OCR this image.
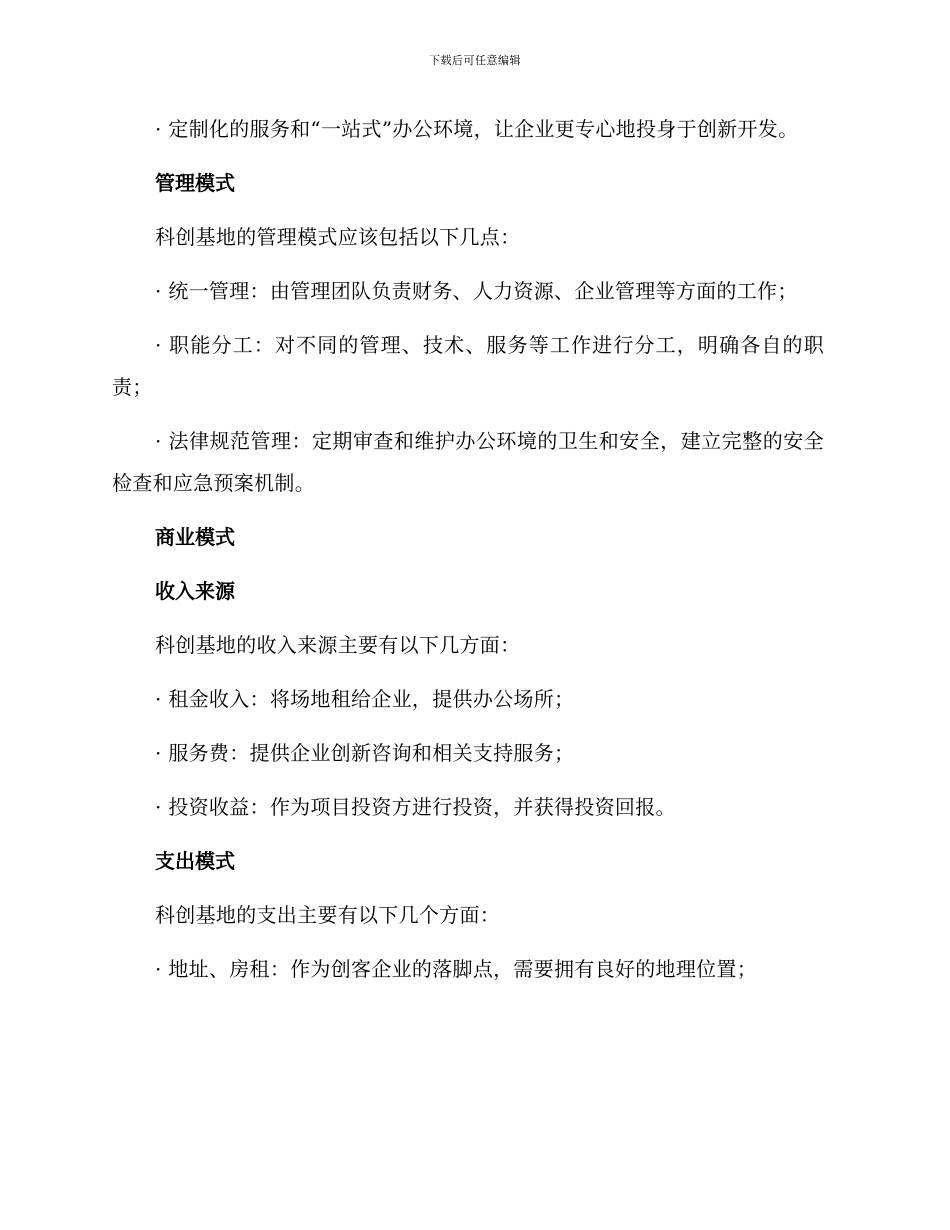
下载后可任意编辑

· 定制化的服务和“一站式”办公环境，让企业更专心地投身于创新开发。

管理模式

科创基地的管理模式应该包括以下几点：

· 统一管理：由管理团队负责财务、人力资源、企业管理等方面的工作；

· 职能分工：对不同的管理、技术、服务等工作进行分工，明确各自的职责；

· 法律规范管理：定期审查和维护办公环境的卫生和安全，建立完整的安全检查和应急预案机制。

商业模式

收入来源

科创基地的收入来源主要有以下几方面：

· 租金收入：将场地租给企业，提供办公场所；

· 服务费：提供企业创新咨询和相关支持服务；

· 投资收益：作为项目投资方进行投资，并获得投资回报。

支出模式

科创基地的支出主要有以下几个方面：

· 地址、房租：作为创客企业的落脚点，需要拥有良好的地理位置；
